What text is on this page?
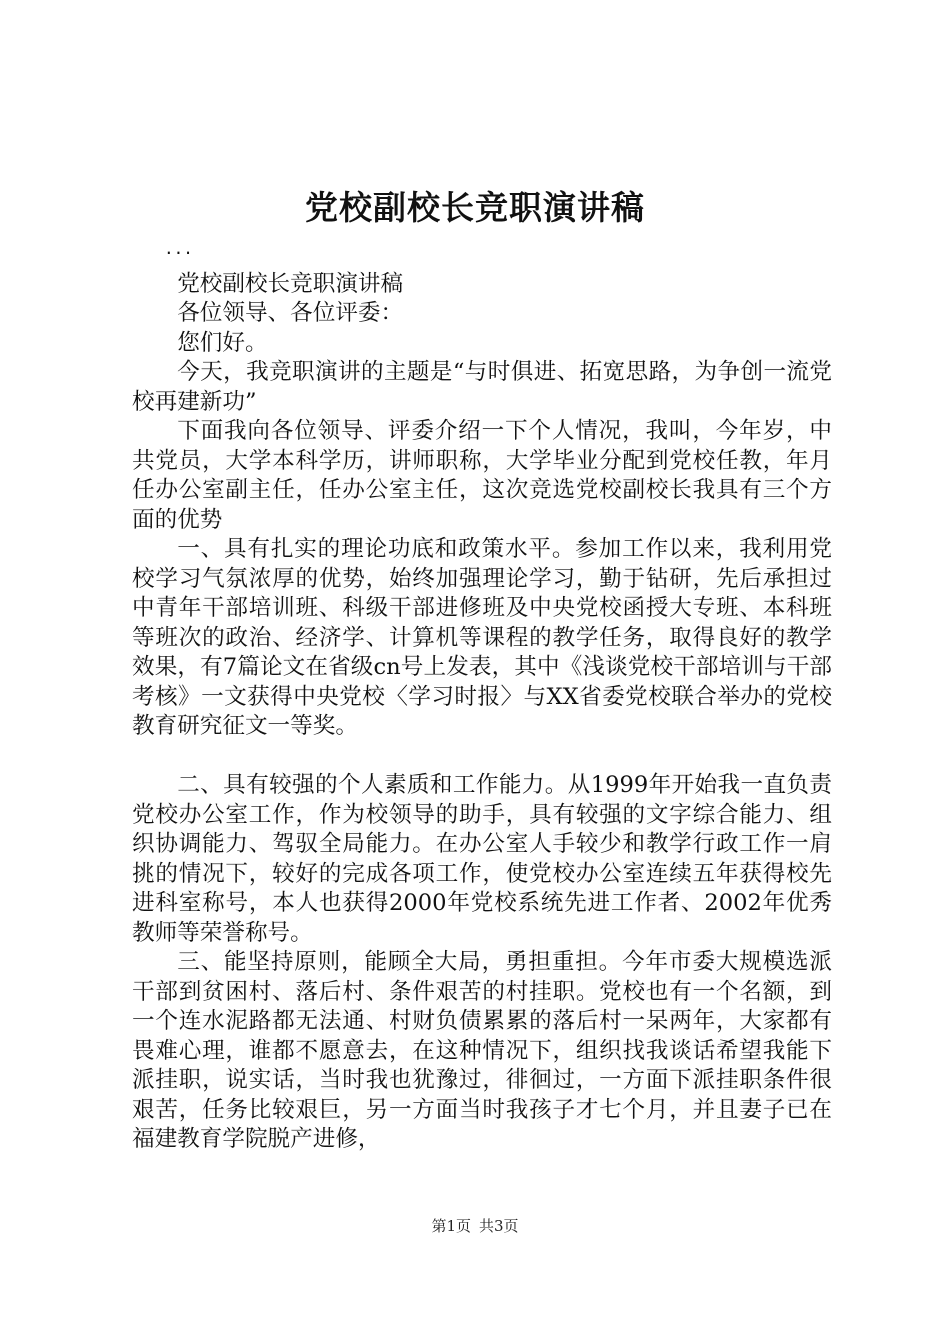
党校副校长竞职演讲稿
...

党校副校长竞职演讲稿

各位领导、各位评委：

您们好。

今天，我竞职演讲的主题是“与时俱进、拓宽思路，为争创一流党校再建新功”

下面我向各位领导、评委介绍一下个人情况，我叫，今年岁，中共党员，大学本科学历，讲师职称，大学毕业分配到党校任教，年月任办公室副主任，任办公室主任，这次竞选党校副校长我具有三个方面的优势

一、具有扎实的理论功底和政策水平。参加工作以来，我利用党校学习气氛浓厚的优势，始终加强理论学习，勤于钻研，先后承担过中青年干部培训班、科级干部进修班及中央党校函授大专班、本科班等班次的政治、经济学、计算机等课程的教学任务，取得良好的教学效果，有7篇论文在省级cn号上发表，其中《浅谈党校干部培训与干部考核》一文获得中央党校〈学习时报〉与XX省委党校联合举办的党校教育研究征文一等奖。

二、具有较强的个人素质和工作能力。从1999年开始我一直负责党校办公室工作，作为校领导的助手，具有较强的文字综合能力、组织协调能力、驾驭全局能力。在办公室人手较少和教学行政工作一肩挑的情况下，较好的完成各项工作，使党校办公室连续五年获得校先进科室称号，本人也获得2000年党校系统先进工作者、2002年优秀教师等荣誉称号。

三、能坚持原则，能顾全大局，勇担重担。今年市委大规模选派干部到贫困村、落后村、条件艰苦的村挂职。党校也有一个名额，到一个连水泥路都无法通、村财负债累累的落后村一呆两年，大家都有畏难心理，谁都不愿意去，在这种情况下，组织找我谈话希望我能下派挂职，说实话，当时我也犹豫过，徘徊过，一方面下派挂职条件很艰苦，任务比较艰巨，另一方面当时我孩子才七个月，并且妻子已在福建教育学院脱产进修，

第1页 共3页
